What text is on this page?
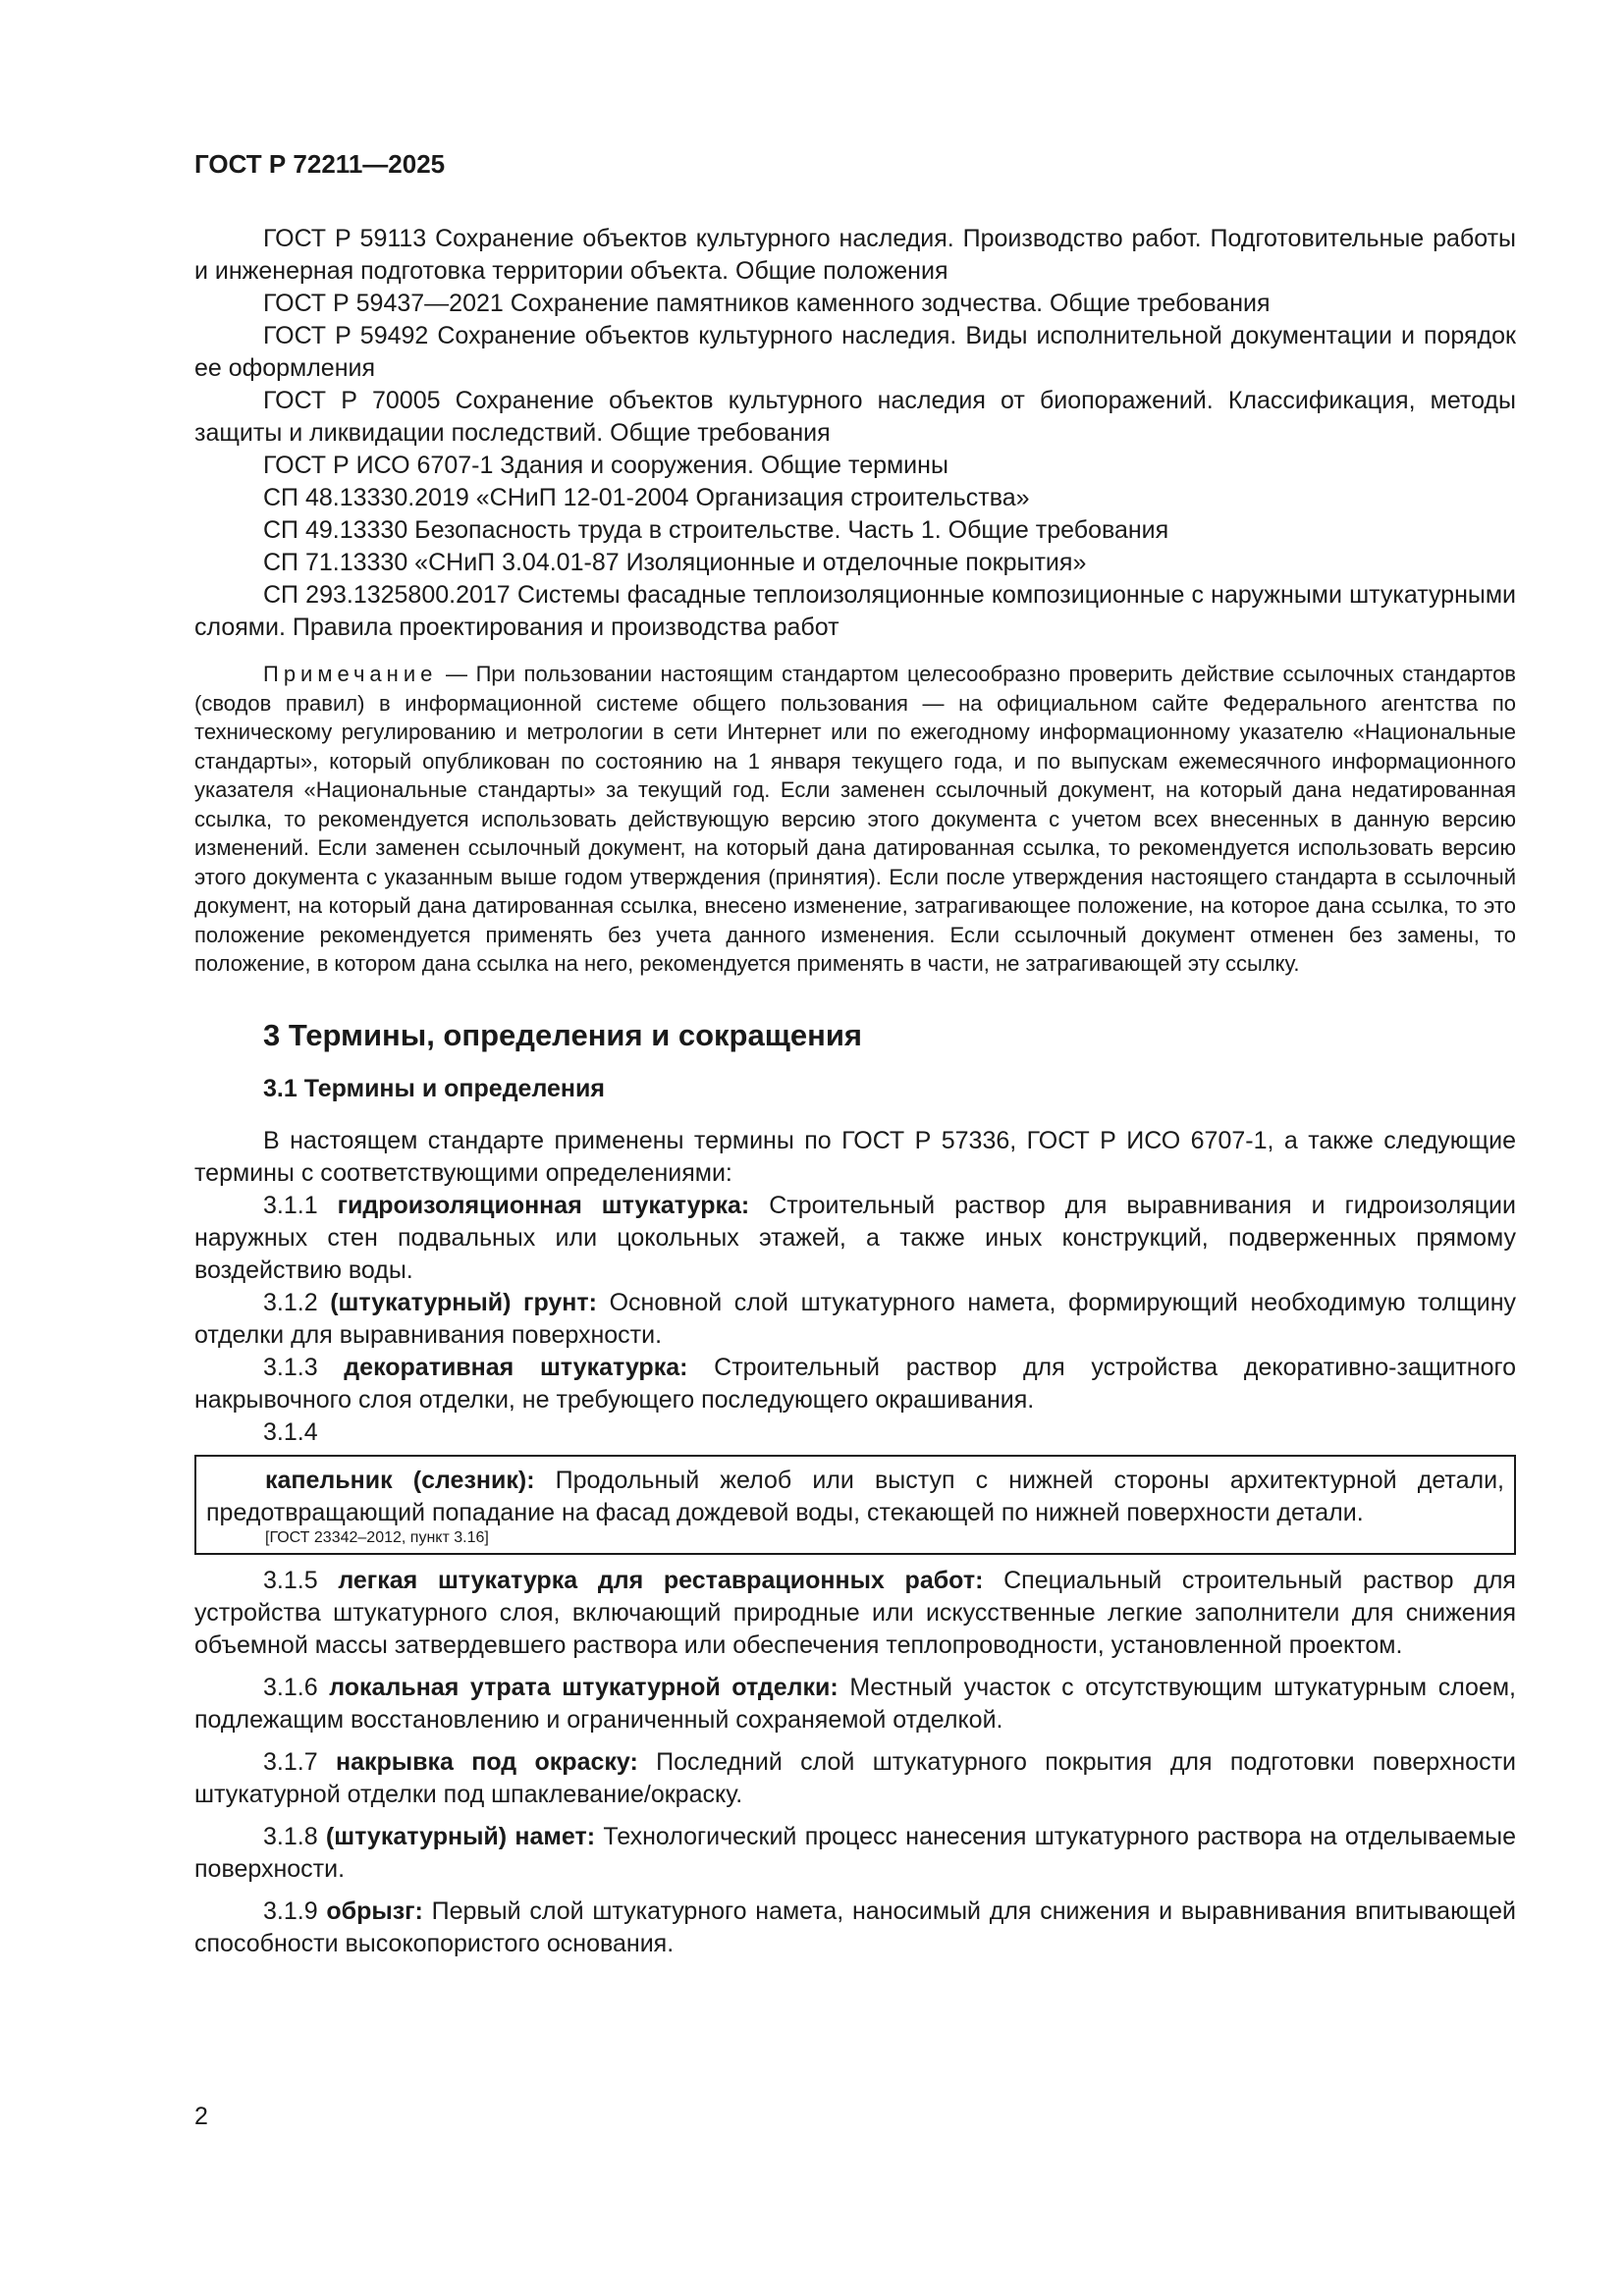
ГОСТ Р 72211—2025

ГОСТ Р 59113 Сохранение объектов культурного наследия. Производство работ. Подготовительные работы и инженерная подготовка территории объекта. Общие положения

ГОСТ Р 59437—2021 Сохранение памятников каменного зодчества. Общие требования

ГОСТ Р 59492 Сохранение объектов культурного наследия. Виды исполнительной документации и порядок ее оформления

ГОСТ Р 70005 Сохранение объектов культурного наследия от биопоражений. Классификация, методы защиты и ликвидации последствий. Общие требования

ГОСТ Р ИСО 6707-1 Здания и сооружения. Общие термины

СП 48.13330.2019 «СНиП 12-01-2004 Организация строительства»

СП 49.13330 Безопасность труда в строительстве. Часть 1. Общие требования

СП 71.13330 «СНиП 3.04.01-87 Изоляционные и отделочные покрытия»

СП 293.1325800.2017 Системы фасадные теплоизоляционные композиционные с наружными штукатурными слоями. Правила проектирования и производства работ

Примечание — При пользовании настоящим стандартом целесообразно проверить действие ссылочных стандартов (сводов правил) в информационной системе общего пользования — на официальном сайте Федерального агентства по техническому регулированию и метрологии в сети Интернет или по ежегодному информационному указателю «Национальные стандарты», который опубликован по состоянию на 1 января текущего года, и по выпускам ежемесячного информационного указателя «Национальные стандарты» за текущий год. Если заменен ссылочный документ, на который дана недатированная ссылка, то рекомендуется использовать действующую версию этого документа с учетом всех внесенных в данную версию изменений. Если заменен ссылочный документ, на который дана датированная ссылка, то рекомендуется использовать версию этого документа с указанным выше годом утверждения (принятия). Если после утверждения настоящего стандарта в ссылочный документ, на который дана датированная ссылка, внесено изменение, затрагивающее положение, на которое дана ссылка, то это положение рекомендуется применять без учета данного изменения. Если ссылочный документ отменен без замены, то положение, в котором дана ссылка на него, рекомендуется применять в части, не затрагивающей эту ссылку.

3 Термины, определения и сокращения
3.1 Термины и определения

В настоящем стандарте применены термины по ГОСТ Р 57336, ГОСТ Р ИСО 6707-1, а также следующие термины с соответствующими определениями:

3.1.1 гидроизоляционная штукатурка: Строительный раствор для выравнивания и гидроизоляции наружных стен подвальных или цокольных этажей, а также иных конструкций, подверженных прямому воздействию воды.

3.1.2 (штукатурный) грунт: Основной слой штукатурного намета, формирующий необходимую толщину отделки для выравнивания поверхности.

3.1.3 декоративная штукатурка: Строительный раствор для устройства декоративно-защитного накрывочного слоя отделки, не требующего последующего окрашивания.

3.1.4

капельник (слезник): Продольный желоб или выступ с нижней стороны архитектурной детали, предотвращающий попадание на фасад дождевой воды, стекающей по нижней поверхности детали.

[ГОСТ 23342–2012, пункт 3.16]

3.1.5 легкая штукатурка для реставрационных работ: Специальный строительный раствор для устройства штукатурного слоя, включающий природные или искусственные легкие заполнители для снижения объемной массы затвердевшего раствора или обеспечения теплопроводности, установленной проектом.

3.1.6 локальная утрата штукатурной отделки: Местный участок с отсутствующим штукатурным слоем, подлежащим восстановлению и ограниченный сохраняемой отделкой.

3.1.7 накрывка под окраску: Последний слой штукатурного покрытия для подготовки поверхности штукатурной отделки под шпаклевание/окраску.

3.1.8 (штукатурный) намет: Технологический процесс нанесения штукатурного раствора на отделываемые поверхности.

3.1.9 обрызг: Первый слой штукатурного намета, наносимый для снижения и выравнивания впитывающей способности высокопористого основания.

2
